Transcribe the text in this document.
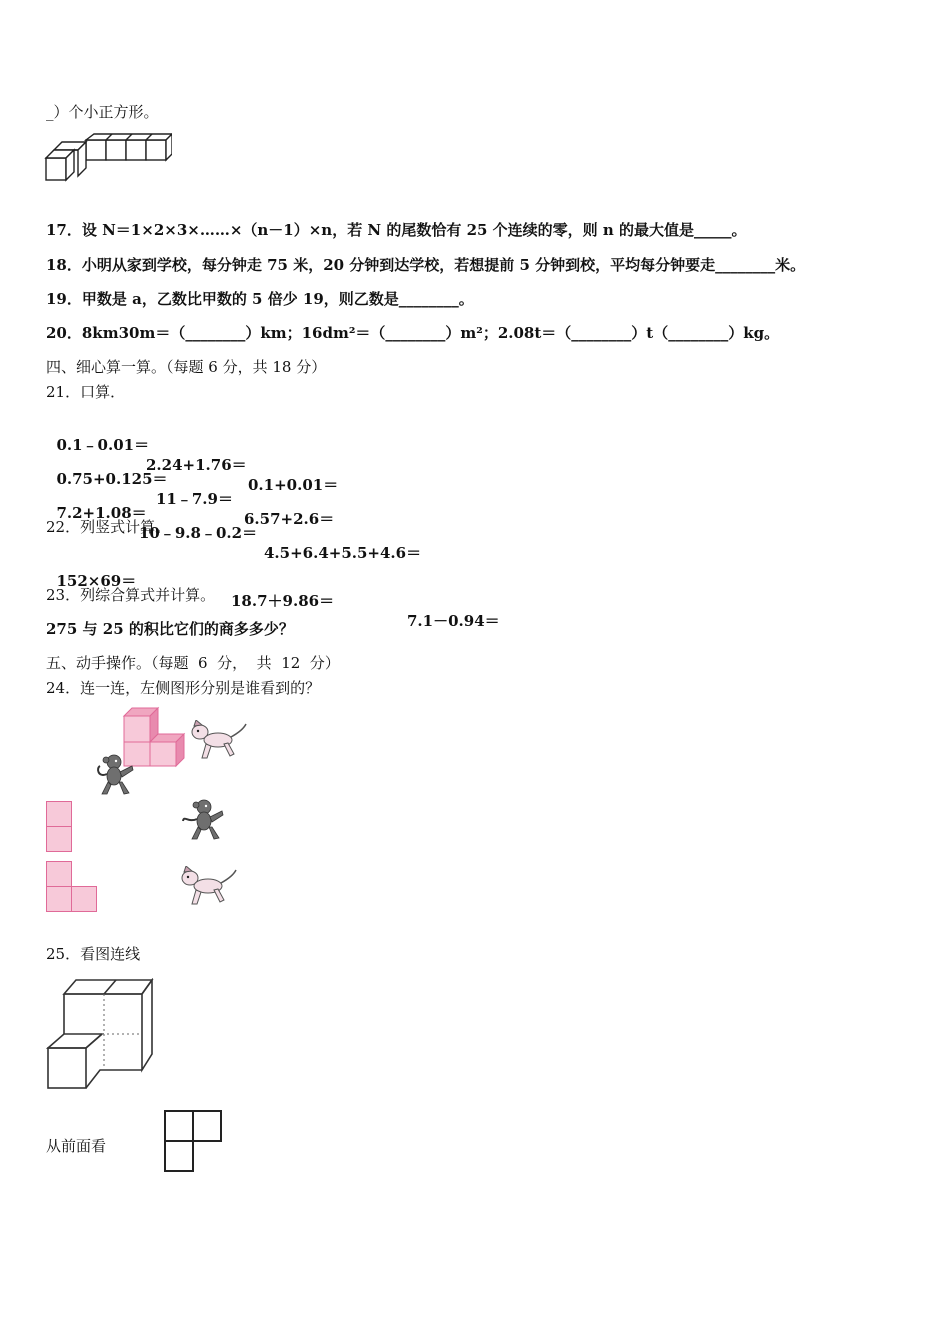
_）个小正方形。
17．设 N＝1×2×3×……×（n－1）×n，若 N 的尾数恰有 25 个连续的零，则 n 的最大值是_____。
18．小明从家到学校，每分钟走 75 米，20 分钟到达学校，若想提前 5 分钟到校，平均每分钟要走________米。
19．甲数是 a，乙数比甲数的 5 倍少 19，则乙数是________。
20．8km30m＝（________）km；16dm²＝（________）m²；2.08t＝（________）t（________）kg。
四、细心算一算。（每题 6 分，共 18 分）
21．口算．

0.1﹣0.01＝

2.24+1.76＝

0.1+0.01＝

0.75+0.125＝

11﹣7.9＝

6.57+2.6＝

7.2+1.08＝

10﹣9.8﹣0.2＝

4.5+6.4+5.5+4.6＝

22．列竖式计算。

152×69＝

18.7＋9.86＝

7.1－0.94＝

23．列综合算式并计算。
275 与 25 的积比它们的商多多少？
五、动手操作。（每题  6  分，  共  12  分）
24．连一连，左侧图形分别是谁看到的？
25．看图连线
从前面看
